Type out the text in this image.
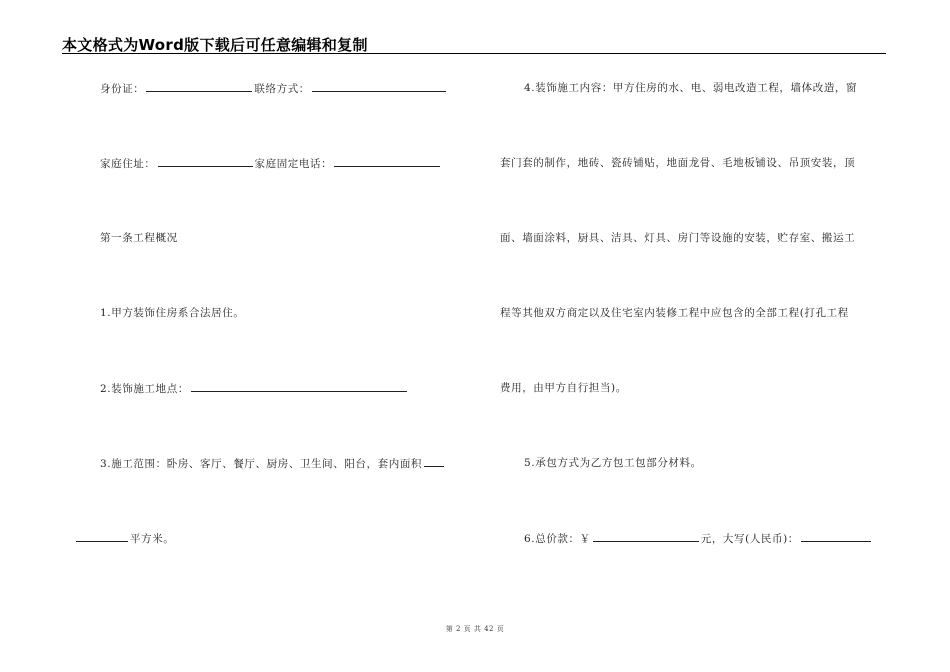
本文格式为Word版下载后可任意编辑和复制
身份证：	联络方式：
家庭住址：	家庭固定电话：
第一条工程概况
1.甲方装饰住房系合法居住。
2.装饰施工地点：
3.施工范围：卧房、客厅、餐厅、厨房、卫生间、阳台，套内面积
平方米。
4.装饰施工内容：甲方住房的水、电、弱电改造工程，墙体改造，窗
套门套的制作，地砖、瓷砖铺贴，地面龙骨、毛地板铺设、吊顶安装，顶
面、墙面涂料，厨具、洁具、灯具、房门等设施的安装，贮存室、搬运工
程等其他双方商定以及住宅室内装修工程中应包含的全部工程(打孔工程
费用，由甲方自行担当)。
5.承包方式为乙方包工包部分材料。
6.总价款：￥	元，大写(人民币)：
第 2 页 共 42 页
